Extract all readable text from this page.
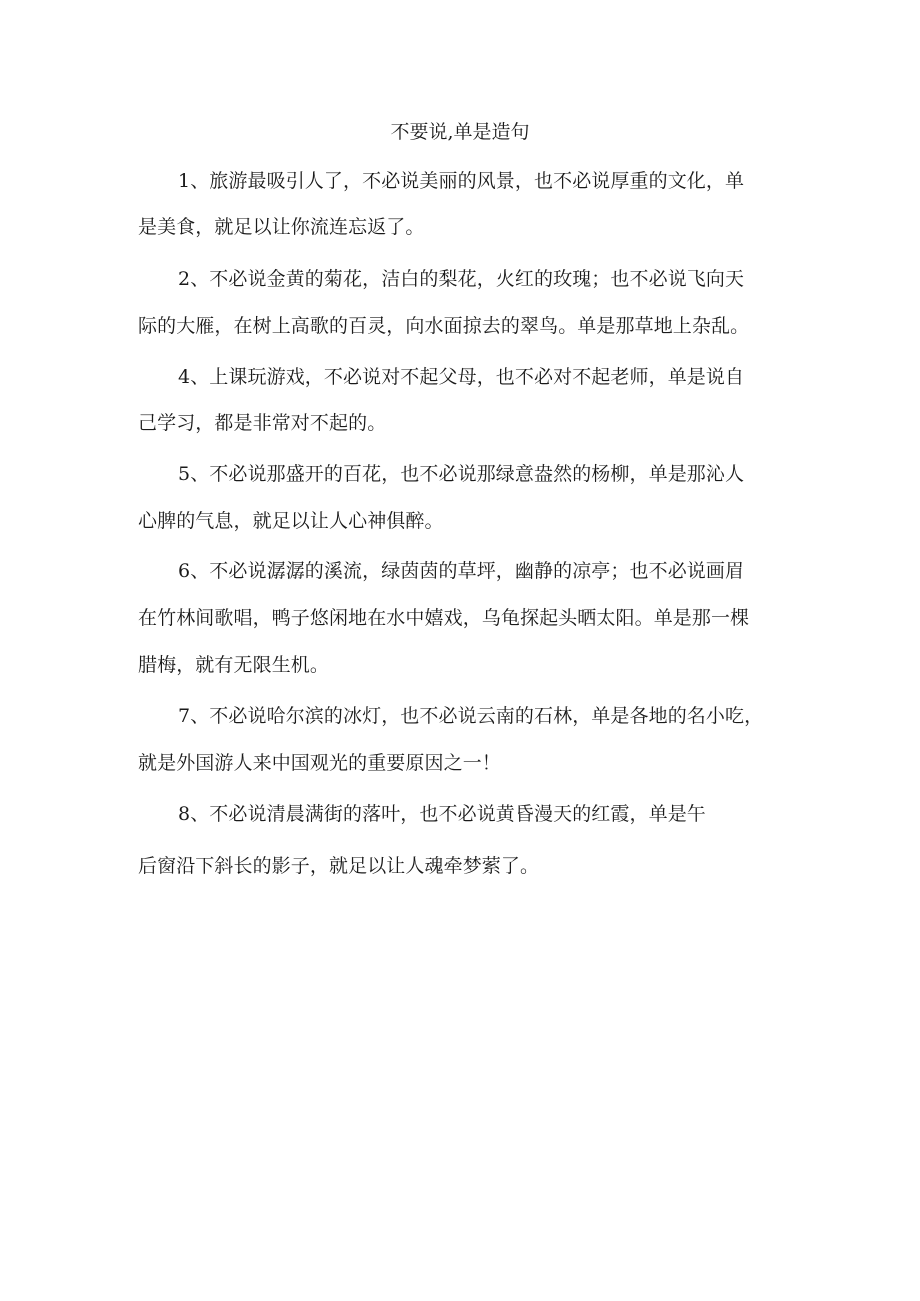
不要说,单是造句
1、旅游最吸引人了，不必说美丽的风景，也不必说厚重的文化，单
是美食，就足以让你流连忘返了。
2、不必说金黄的菊花，洁白的梨花，火红的玫瑰；也不必说飞向天
际的大雁，在树上高歌的百灵，向水面掠去的翠鸟。单是那草地上杂乱。
4、上课玩游戏，不必说对不起父母，也不必对不起老师，单是说自
己学习，都是非常对不起的。
5、不必说那盛开的百花，也不必说那绿意盎然的杨柳，单是那沁人
心脾的气息，就足以让人心神俱醉。
6、不必说潺潺的溪流，绿茵茵的草坪，幽静的凉亭；也不必说画眉
在竹林间歌唱，鸭子悠闲地在水中嬉戏，乌龟探起头晒太阳。单是那一棵
腊梅，就有无限生机。
7、不必说哈尔滨的冰灯，也不必说云南的石林，单是各地的名小吃，
就是外国游人来中国观光的重要原因之一！
8、不必说清晨满街的落叶，也不必说黄昏漫天的红霞，单是午
后窗沿下斜长的影子，就足以让人魂牵梦萦了。
